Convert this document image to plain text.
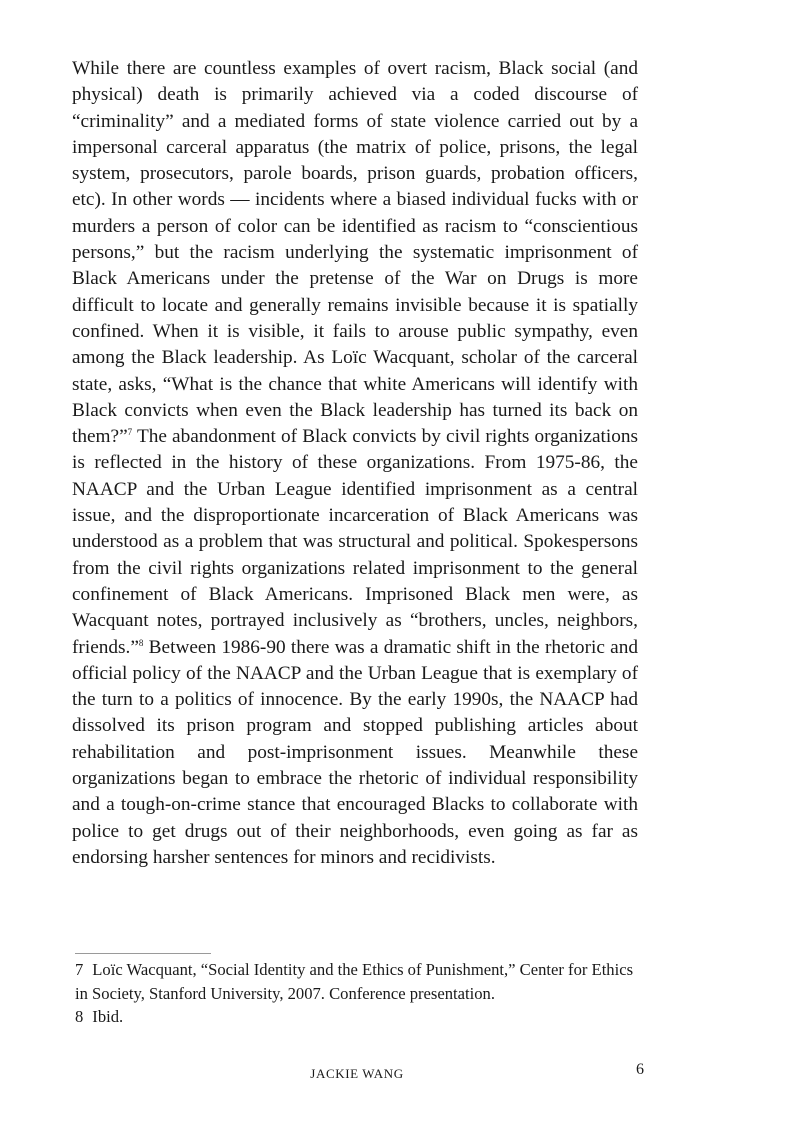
While there are countless examples of overt racism, Black social (and physical) death is primarily achieved via a coded discourse of “criminality” and a mediated forms of state violence carried out by a impersonal carceral apparatus (the matrix of police, prisons, the legal system, prosecutors, parole boards, prison guards, probation officers, etc). In other words — incidents where a biased individual fucks with or murders a person of color can be identified as racism to “conscientious persons,” but the racism underlying the systematic imprisonment of Black Americans under the pretense of the War on Drugs is more difficult to locate and generally remains invisible because it is spatially confined. When it is visible, it fails to arouse public sympathy, even among the Black leadership. As Loïc Wacquant, scholar of the carceral state, asks, “What is the chance that white Americans will identify with Black convicts when even the Black leadership has turned its back on them?”$^7$ The abandonment of Black convicts by civil rights organizations is reflected in the history of these organizations. From 1975-86, the NAACP and the Urban League identified imprisonment as a central issue, and the disproportionate incarceration of Black Americans was understood as a problem that was structural and political. Spokespersons from the civil rights organizations related imprisonment to the general confinement of Black Americans. Imprisoned Black men were, as Wacquant notes, portrayed inclusively as “brothers, uncles, neighbors, friends.”$^8$ Between 1986-90 there was a dramatic shift in the rhetoric and official policy of the NAACP and the Urban League that is exemplary of the turn to a politics of innocence. By the early 1990s, the NAACP had dissolved its prison program and stopped publishing articles about rehabilitation and post-imprisonment issues. Meanwhile these organizations began to embrace the rhetoric of individual responsibility and a tough-on-crime stance that encouraged Blacks to collaborate with police to get drugs out of their neighborhoods, even going as far as endorsing harsher sentences for minors and recidivists.

7 Loïc Wacquant, “Social Identity and the Ethics of Punishment,” Center for Ethics in Society, Stanford University, 2007. Conference presentation.
8 Ibid.
JACKIE WANG	6
